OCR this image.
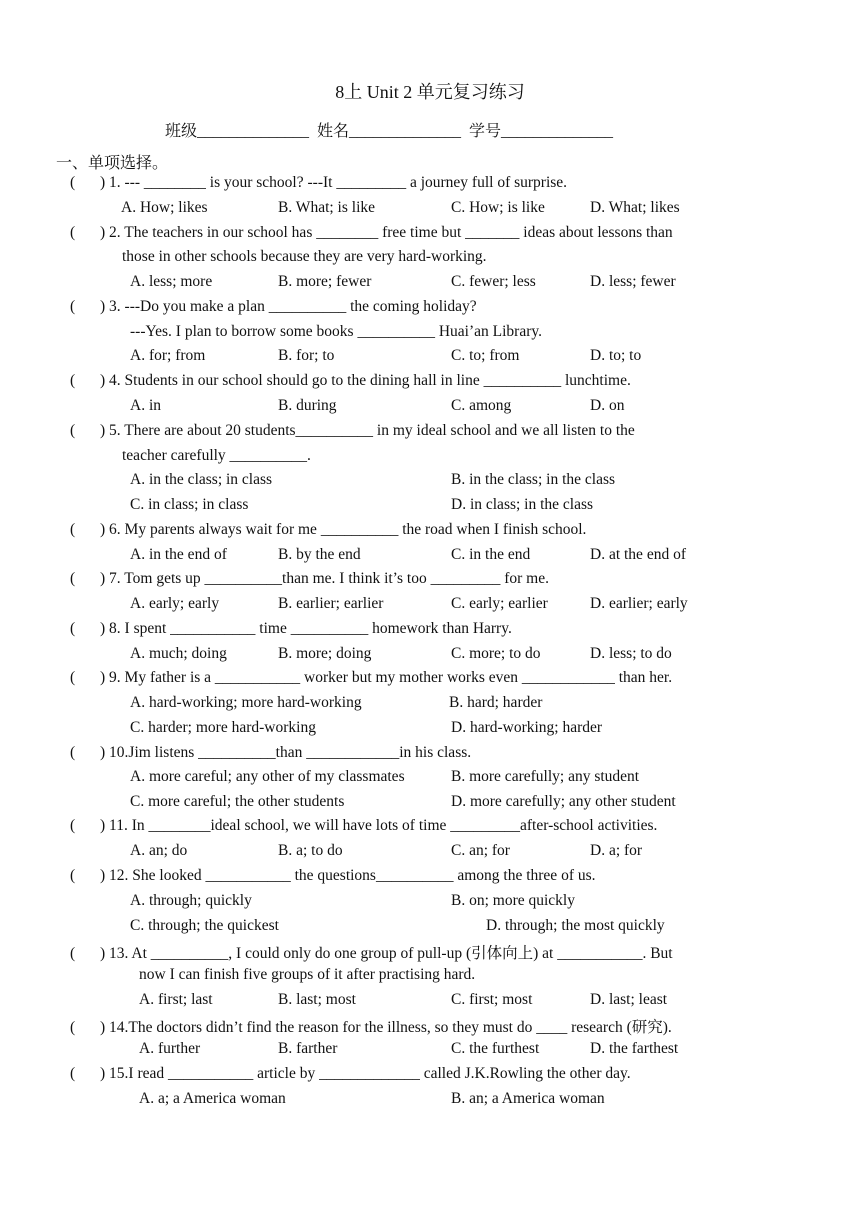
8上 Unit 2 单元复习练习
班级______________  姓名______________  学号______________
一、单项选择。
( ) 1. --- ________ is your school? ---It _________ a journey full of surprise.
A. How; likes	B. What; is like	C. How; is like	D. What; likes
( ) 2. The teachers in our school has ________ free time but _______ ideas about lessons than
those in other schools because they are very hard-working.
A. less; more	B. more; fewer	C. fewer; less	D. less; fewer
( ) 3. ---Do you make a plan __________ the coming holiday?
---Yes. I plan to borrow some books __________ Huai’an Library.
A. for; from	B. for; to	C. to; from	D. to; to
( ) 4. Students in our school should go to the dining hall in line __________ lunchtime.
A. in	B. during	C. among	D. on
( ) 5. There are about 20 students__________ in my ideal school and we all listen to the
teacher carefully __________.
A. in the class; in class	B. in the class; in the class
C. in class; in class	D. in class; in the class
( ) 6. My parents always wait for me __________ the road when I finish school.
A. in the end of	B. by the end	C. in the end	D. at the end of
( ) 7. Tom gets up __________than me. I think it’s too _________ for me.
A. early; early	B. earlier; earlier	C. early; earlier	D. earlier; early
( ) 8. I spent ___________ time __________ homework than Harry.
A. much; doing	B. more; doing	C. more; to do	D. less; to do
( ) 9. My father is a ___________ worker but my mother works even ____________ than her.
A. hard-working; more hard-working	B. hard; harder
C. harder; more hard-working	D. hard-working; harder
( ) 10.Jim listens __________than ____________in his class.
A. more careful; any other of my classmates	B. more carefully; any student
C. more careful; the other students	D. more carefully; any other student
( ) 11. In ________ideal school, we will have lots of time _________after-school activities.
A. an; do	B. a; to do	C. an; for	D. a; for
( ) 12. She looked ___________ the questions__________ among the three of us.
A. through; quickly	B. on; more quickly
C. through; the quickest	D. through; the most quickly
( ) 13. At __________, I could only do one group of pull-up (引体向上) at ___________. But
now I can finish five groups of it after practising hard.
A. first; last	B. last; most	C. first; most	D. last; least
( ) 14.The doctors didn’t find the reason for the illness, so they must do ____ research (研究).
A. further	B. farther	C. the furthest	D. the farthest
( ) 15.I read ___________ article by _____________ called J.K.Rowling the other day.
A. a; a America woman	B. an; a America woman
